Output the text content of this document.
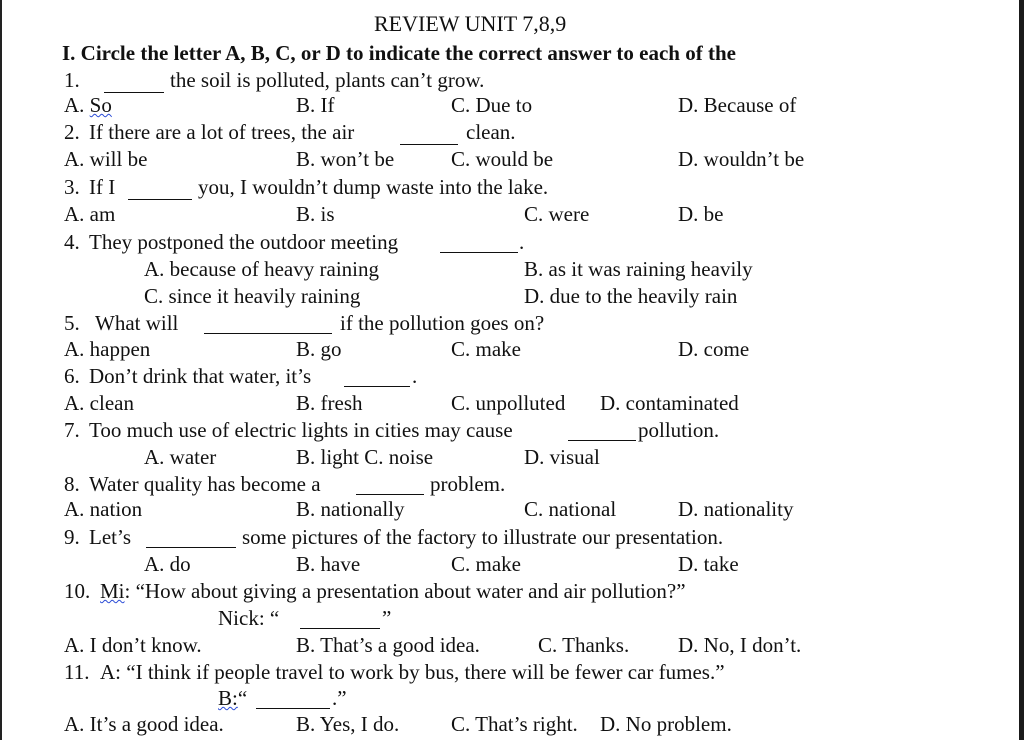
REVIEW UNIT 7,8,9
I. Circle the letter A, B, C, or D to indicate the correct answer to each of the
1.	the soil is polluted, plants can’t grow.
A. So	B. If	C. Due to	D. Because of
2. If there are a lot of trees, the air	clean.
A. will be	B. won’t be	C. would be	D. wouldn’t be
3. If I	you, I wouldn’t dump waste into the lake.
A. am	B. is	C. were	D. be
4. They postponed the outdoor meeting	.
A. because of heavy raining	B. as it was raining heavily
C. since it heavily raining	D. due to the heavily rain
5. What will	if the pollution goes on?
A. happen	B. go	C. make	D. come
6. Don’t drink that water, it’s	.
A. clean	B. fresh	C. unpolluted D. contaminated
7. Too much use of electric lights in cities may cause	pollution.
A. water	B. light C. noise	D. visual
8. Water quality has become a	problem.
A. nation	B. nationally	C. national	D. nationality
9. Let’s	some pictures of the factory to illustrate our presentation.
A. do	B. have	C. make	D. take
10. Mi: “How about giving a presentation about water and air pollution?”
Nick: “	”
A. I don’t know.	B. That’s a good idea.	C. Thanks. D. No, I don’t.
11. A: “I think if people travel to work by bus, there will be fewer car fumes.”
B:“	.”
A. It’s a good idea.	B. Yes, I do. C. That’s right. D. No problem.
